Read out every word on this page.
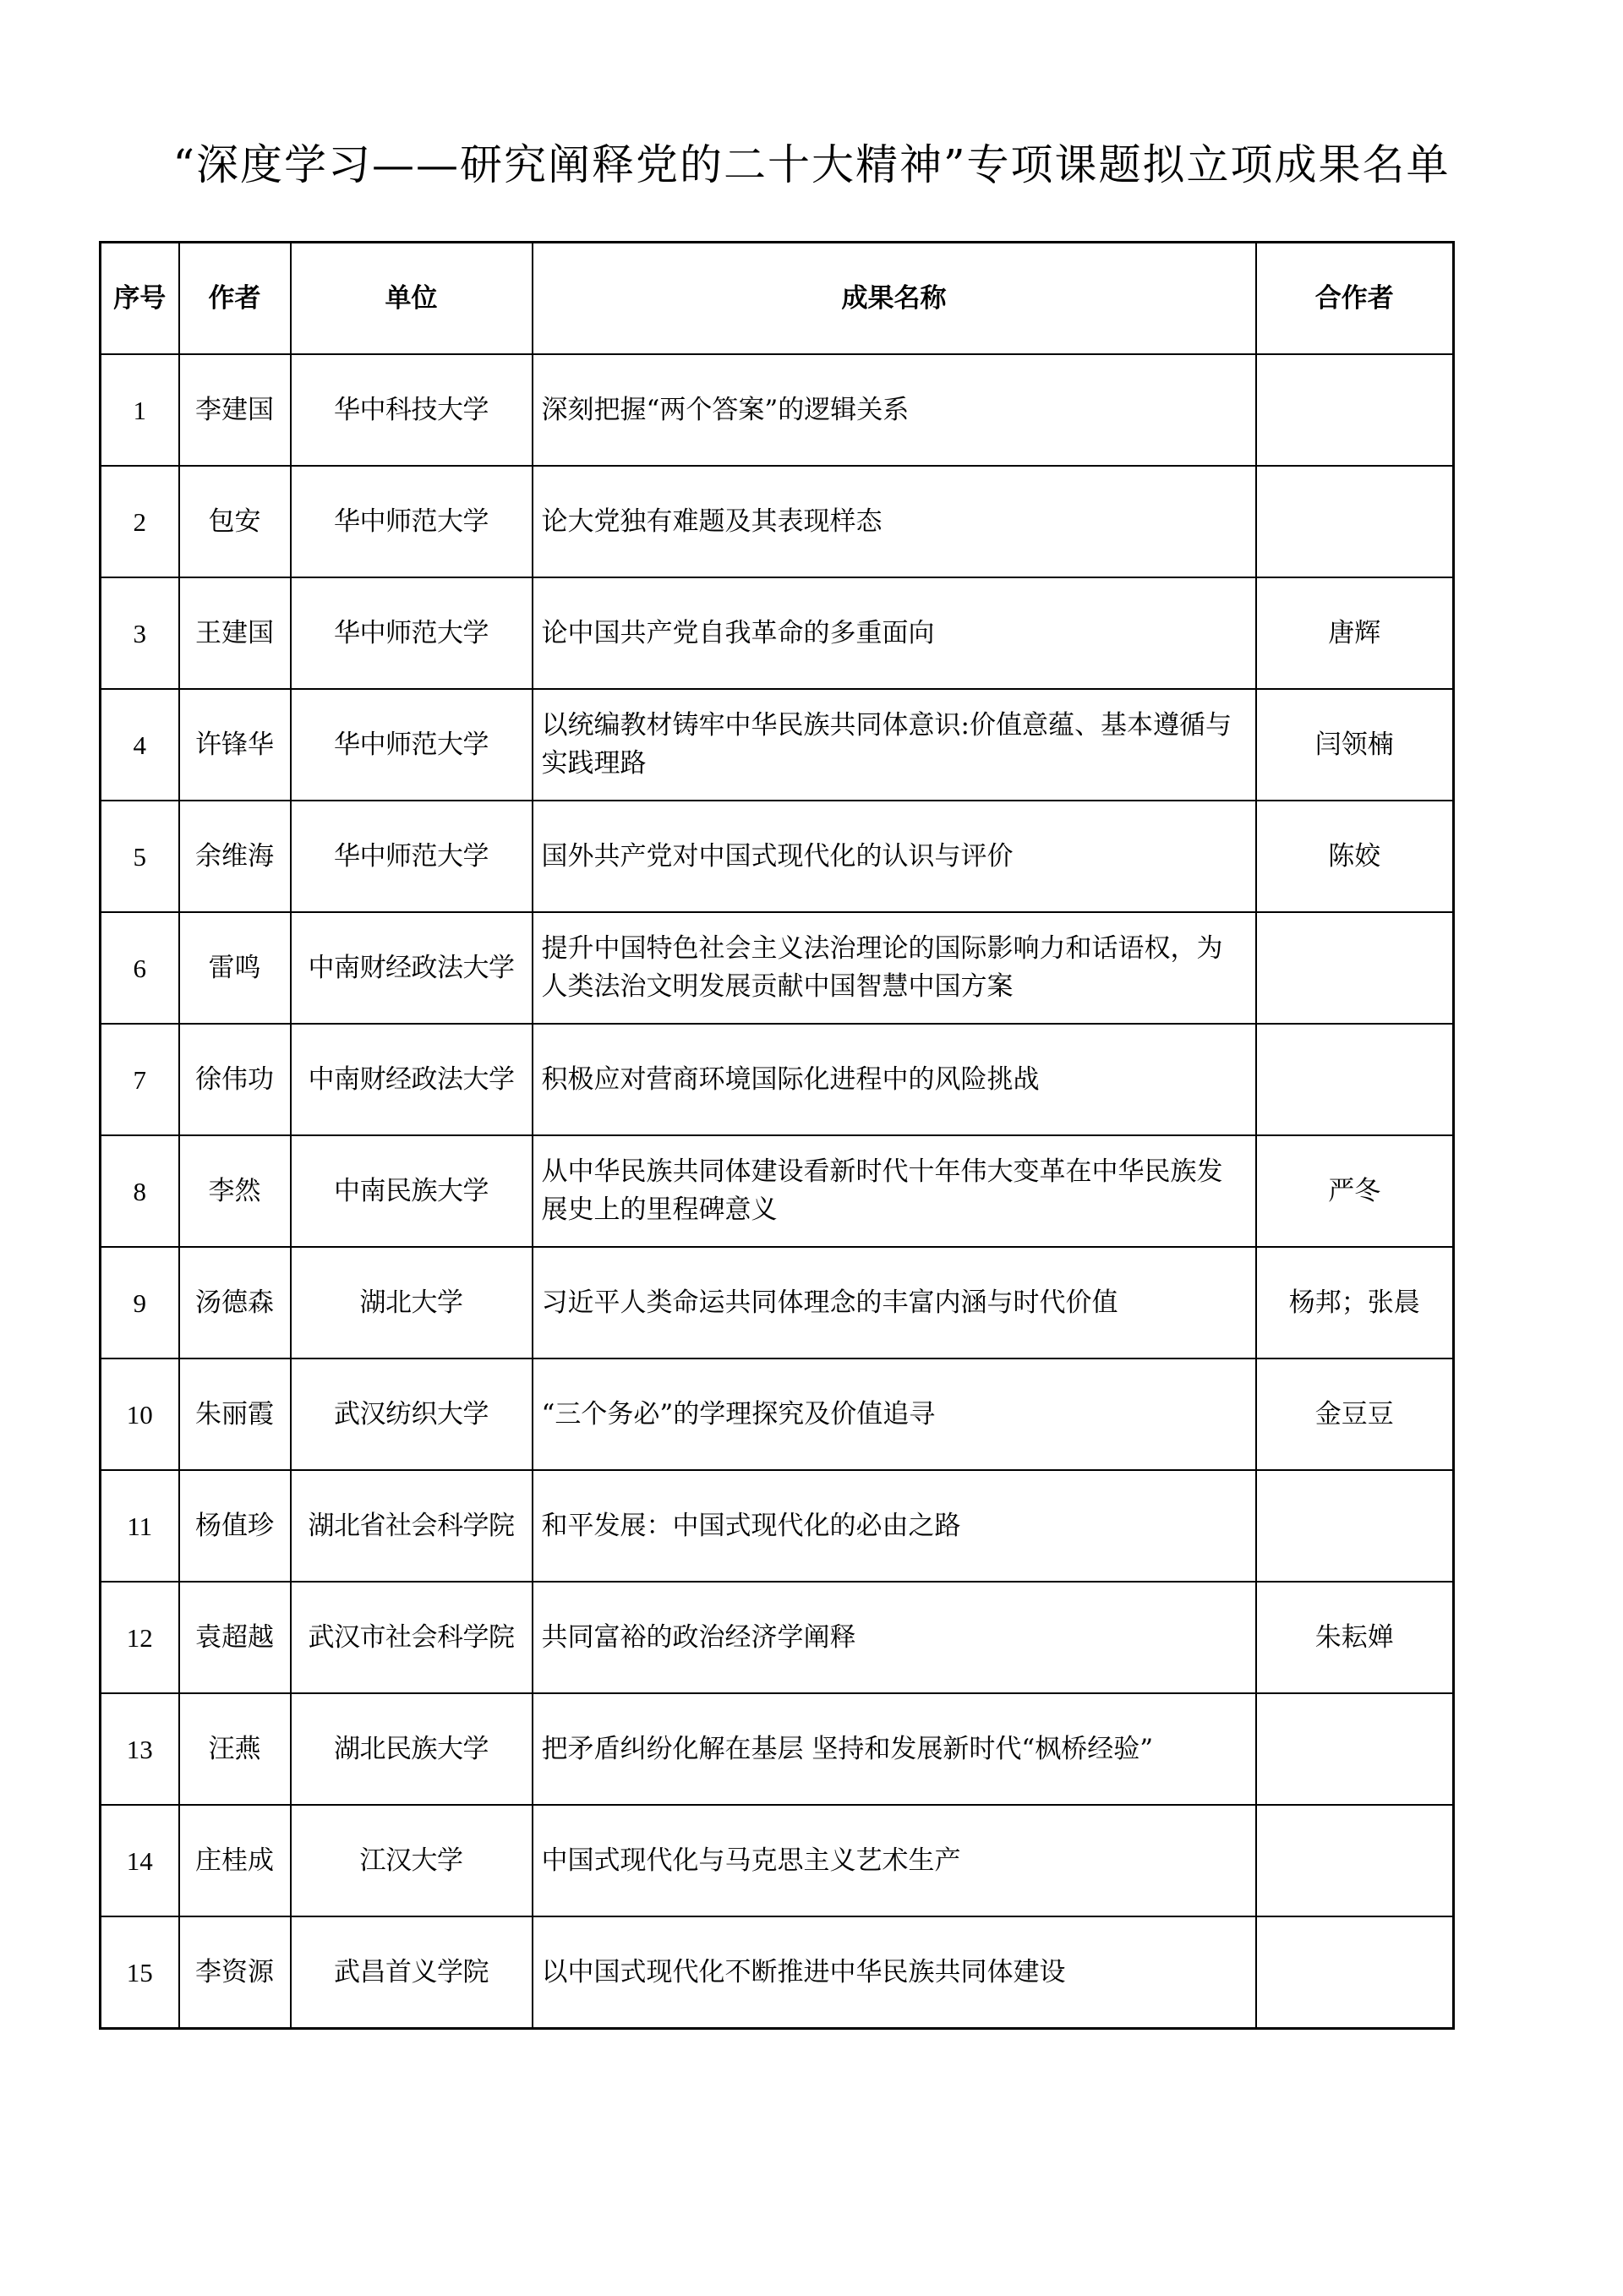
“深度学习——研究阐释党的二十大精神”专项课题拟立项成果名单
序号	作者	单位	成果名称	合作者
1	李建国	华中科技大学	深刻把握“两个答案”的逻辑关系	
2	包安	华中师范大学	论大党独有难题及其表现样态	
3	王建国	华中师范大学	论中国共产党自我革命的多重面向	唐辉
4	许锋华	华中师范大学	以统编教材铸牢中华民族共同体意识:价值意蕴、基本遵循与实践理路	闫领楠
5	余维海	华中师范大学	国外共产党对中国式现代化的认识与评价	陈姣
6	雷鸣	中南财经政法大学	提升中国特色社会主义法治理论的国际影响力和话语权，为人类法治文明发展贡献中国智慧中国方案	
7	徐伟功	中南财经政法大学	积极应对营商环境国际化进程中的风险挑战	
8	李然	中南民族大学	从中华民族共同体建设看新时代十年伟大变革在中华民族发展史上的里程碑意义	严冬
9	汤德森	湖北大学	习近平人类命运共同体理念的丰富内涵与时代价值	杨邦；张晨
10	朱丽霞	武汉纺织大学	“三个务必”的学理探究及价值追寻	金豆豆
11	杨值珍	湖北省社会科学院	和平发展：中国式现代化的必由之路	
12	袁超越	武汉市社会科学院	共同富裕的政治经济学阐释	朱耘婵
13	汪燕	湖北民族大学	把矛盾纠纷化解在基层 坚持和发展新时代“枫桥经验”	
14	庄桂成	江汉大学	中国式现代化与马克思主义艺术生产	
15	李资源	武昌首义学院	以中国式现代化不断推进中华民族共同体建设	
